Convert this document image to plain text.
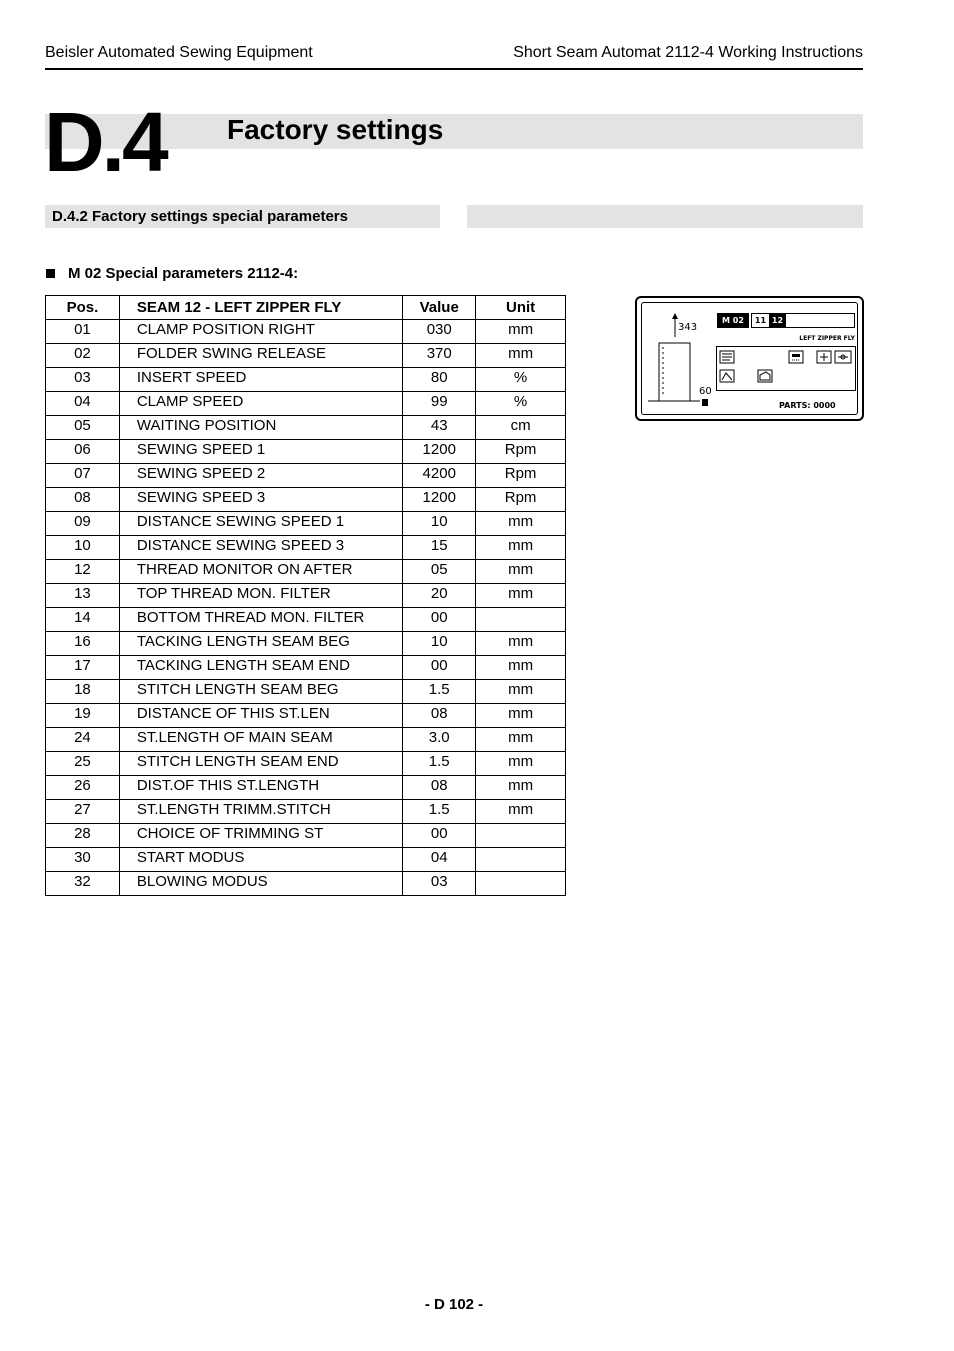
Beisler Automated Sewing Equipment	Short Seam Automat 2112-4 Working Instructions
D.4 Factory settings
D.4.2 Factory settings special parameters
M 02 Special parameters 2112-4:
Pos.	SEAM 12 - LEFT ZIPPER FLY	Value	Unit
01	CLAMP POSITION RIGHT	030	mm
02	FOLDER SWING RELEASE	370	mm
03	INSERT SPEED	80	%
04	CLAMP SPEED	99	%
05	WAITING POSITION	43	cm
06	SEWING SPEED 1	1200	Rpm
07	SEWING SPEED 2	4200	Rpm
08	SEWING SPEED 3	1200	Rpm
09	DISTANCE SEWING SPEED 1	10	mm
10	DISTANCE SEWING SPEED 3	15	mm
12	THREAD MONITOR ON AFTER	05	mm
13	TOP THREAD MON. FILTER	20	mm
14	BOTTOM THREAD MON. FILTER	00	
16	TACKING LENGTH SEAM BEG	10	mm
17	TACKING LENGTH SEAM END	00	mm
18	STITCH LENGTH SEAM BEG	1.5	mm
19	DISTANCE OF THIS ST.LEN	08	mm
24	ST.LENGTH OF MAIN SEAM	3.0	mm
25	STITCH LENGTH SEAM END	1.5	mm
26	DIST.OF THIS ST.LENGTH	08	mm
27	ST.LENGTH TRIMM.STITCH	1.5	mm
28	CHOICE OF TRIMMING ST	00	
30	START MODUS	04	
32	BLOWING MODUS	03	
343
60
M 02	11 12
LEFT ZIPPER FLY
PARTS: 0000
- D 102 -
